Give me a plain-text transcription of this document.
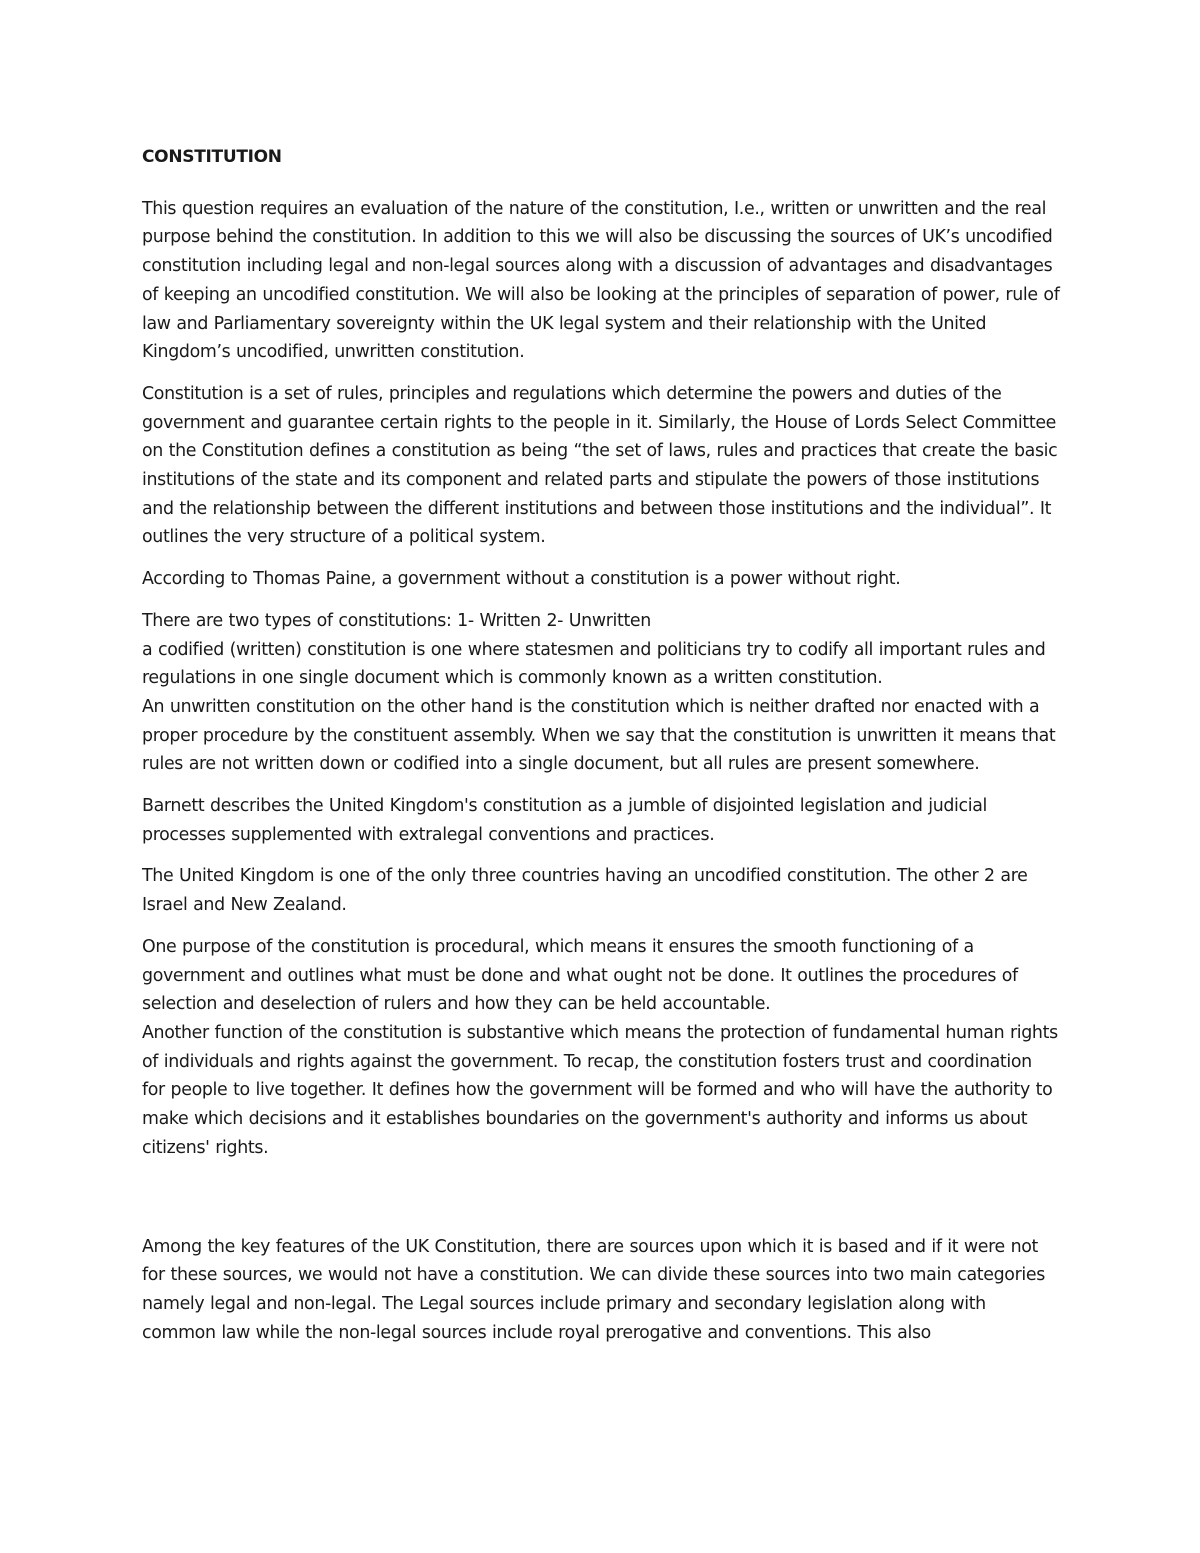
CONSTITUTION

This question requires an evaluation of the nature of the constitution, I.e., written or unwritten and the real purpose behind the constitution. In addition to this we will also be discussing the sources of UK’s uncodified constitution including legal and non-legal sources along with a discussion of advantages and disadvantages of keeping an uncodified constitution. We will also be looking at the principles of separation of power, rule of law and Parliamentary sovereignty within the UK legal system and their relationship with the United Kingdom’s uncodified, unwritten constitution.

Constitution is a set of rules, principles and regulations which determine the powers and duties of the government and guarantee certain rights to the people in it. Similarly, the House of Lords Select Committee on the Constitution defines a constitution as being “the set of laws, rules and practices that create the basic institutions of the state and its component and related parts and stipulate the powers of those institutions and the relationship between the different institutions and between those institutions and the individual”. It outlines the very structure of a political system.

According to Thomas Paine, a government without a constitution is a power without right.

There are two types of constitutions: 1- Written 2- Unwritten

a codified (written) constitution is one where statesmen and politicians try to codify all important rules and regulations in one single document which is commonly known as a written constitution.

An unwritten constitution on the other hand is the constitution which is neither drafted nor enacted with a proper procedure by the constituent assembly. When we say that the constitution is unwritten it means that rules are not written down or codified into a single document, but all rules are present somewhere.

Barnett describes the United Kingdom's constitution as a jumble of disjointed legislation and judicial processes supplemented with extralegal conventions and practices.

The United Kingdom is one of the only three countries having an uncodified constitution. The other 2 are Israel and New Zealand.

One purpose of the constitution is procedural, which means it ensures the smooth functioning of a government and outlines what must be done and what ought not be done. It outlines the procedures of selection and deselection of rulers and how they can be held accountable.

Another function of the constitution is substantive which means the protection of fundamental human rights of individuals and rights against the government. To recap, the constitution fosters trust and coordination for people to live together. It defines how the government will be formed and who will have the authority to make which decisions and it establishes boundaries on the government's authority and informs us about citizens' rights.

Among the key features of the UK Constitution, there are sources upon which it is based and if it were not for these sources, we would not have a constitution. We can divide these sources into two main categories namely legal and non-legal. The Legal sources include primary and secondary legislation along with common law while the non-legal sources include royal prerogative and conventions. This also
